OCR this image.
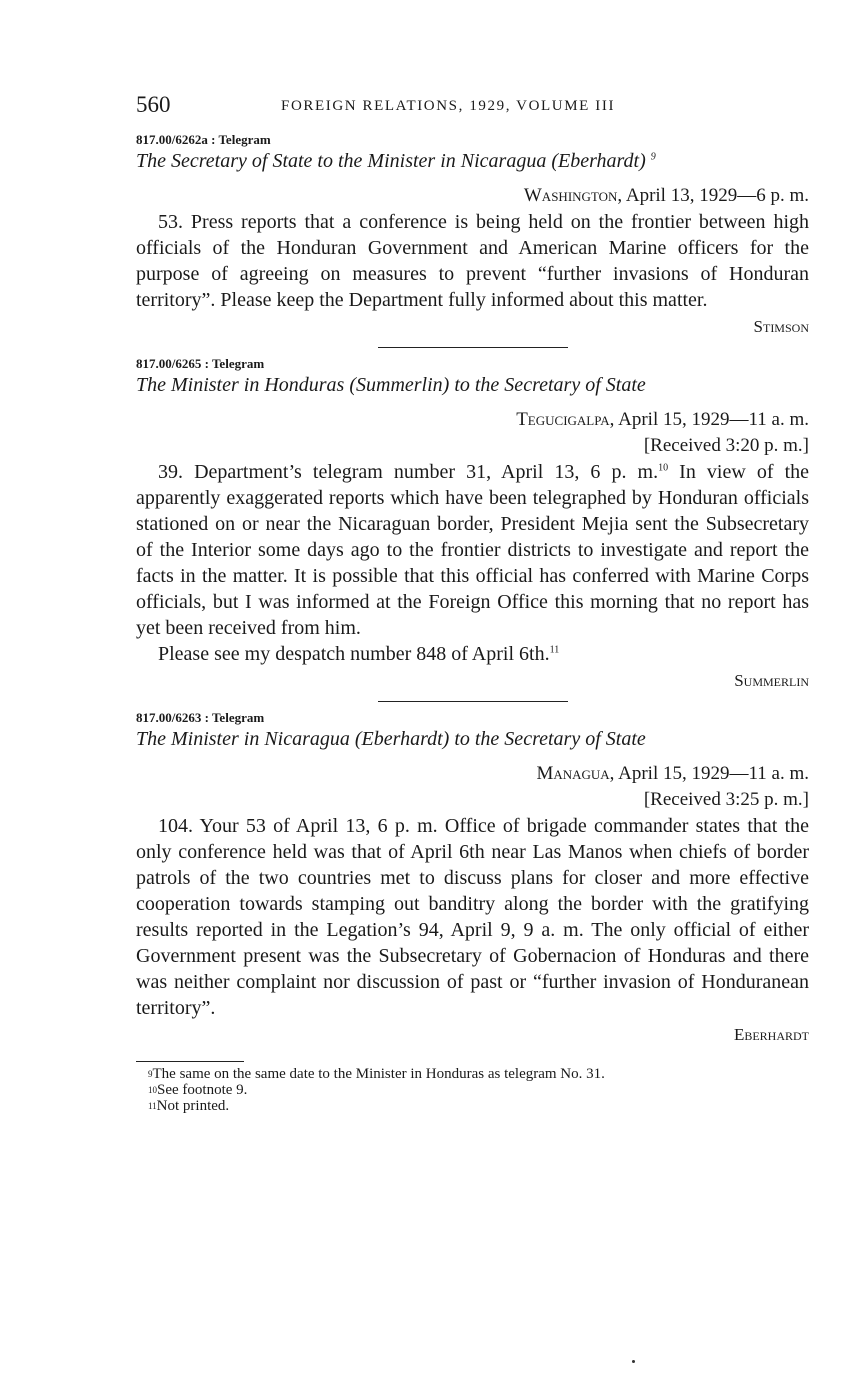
560	FOREIGN RELATIONS, 1929, VOLUME III
817.00/6262a : Telegram
The Secretary of State to the Minister in Nicaragua (Eberhardt) $^9$
Washington, April 13, 1929—6 p. m.

53. Press reports that a conference is being held on the frontier between high officials of the Honduran Government and American Marine officers for the purpose of agreeing on measures to prevent “further invasions of Honduran territory”. Please keep the Department fully informed about this matter.

Stimson
817.00/6265 : Telegram
The Minister in Honduras (Summerlin) to the Secretary of State
Tegucigalpa, April 15, 1929—11 a. m.
[Received 3:20 p. m.]

39. Department’s telegram number 31, April 13, 6 p. m.$^{10}$ In view of the apparently exaggerated reports which have been telegraphed by Honduran officials stationed on or near the Nicaraguan border, President Mejia sent the Subsecretary of the Interior some days ago to the frontier districts to investigate and report the facts in the matter. It is possible that this official has conferred with Marine Corps officials, but I was informed at the Foreign Office this morning that no report has yet been received from him.

Please see my despatch number 848 of April 6th.$^{11}$

Summerlin
817.00/6263 : Telegram
The Minister in Nicaragua (Eberhardt) to the Secretary of State
Managua, April 15, 1929—11 a. m.
[Received 3:25 p. m.]

104. Your 53 of April 13, 6 p. m. Office of brigade commander states that the only conference held was that of April 6th near Las Manos when chiefs of border patrols of the two countries met to discuss plans for closer and more effective cooperation towards stamping out banditry along the border with the gratifying results reported in the Legation’s 94, April 9, 9 a. m. The only official of either Government present was the Subsecretary of Gobernacion of Honduras and there was neither complaint nor discussion of past or “further invasion of Honduranean territory”.

Eberhardt
$^9$The same on the same date to the Minister in Honduras as telegram No. 31.
$^{10}$See footnote 9.
$^{11}$Not printed.
